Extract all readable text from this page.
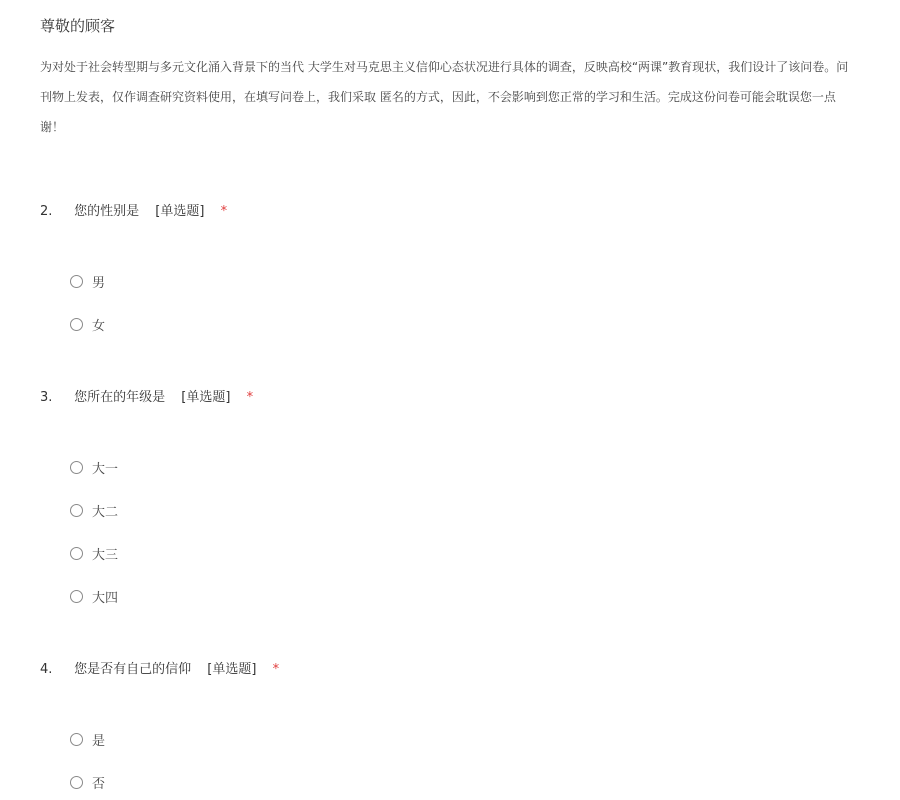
尊敬的顾客
为对处于社会转型期与多元文化涌入背景下的当代 大学生对马克思主义信仰心态状况进行具体的调查，反映高校“两课”教育现状，我们设计了该问卷。问
刊物上发表，仅作调查研究资料使用，在填写问卷上，我们采取 匿名的方式，因此，不会影响到您正常的学习和生活。完成这份问卷可能会耽误您一点
谢！
2. 您的性别是 [单选题] *
男
女
3. 您所在的年级是 [单选题] *
大一
大二
大三
大四
4. 您是否有自己的信仰 [单选题] *
是
否
